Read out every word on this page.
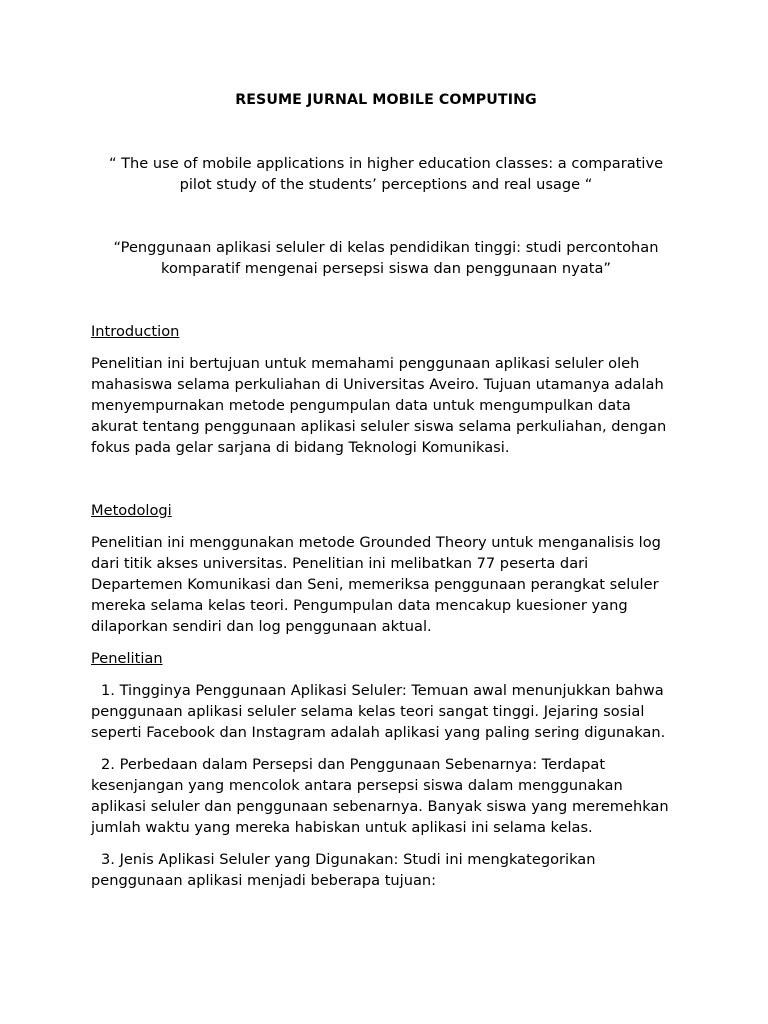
RESUME JURNAL MOBILE COMPUTING
“ The use of mobile applications in higher education classes: a comparative pilot study of the students’ perceptions and real usage “
“Penggunaan aplikasi seluler di kelas pendidikan tinggi: studi percontohan komparatif mengenai persepsi siswa dan penggunaan nyata”
Introduction
Penelitian ini bertujuan untuk memahami penggunaan aplikasi seluler oleh mahasiswa selama perkuliahan di Universitas Aveiro. Tujuan utamanya adalah menyempurnakan metode pengumpulan data untuk mengumpulkan data akurat tentang penggunaan aplikasi seluler siswa selama perkuliahan, dengan fokus pada gelar sarjana di bidang Teknologi Komunikasi.
Metodologi
Penelitian ini menggunakan metode Grounded Theory untuk menganalisis log dari titik akses universitas. Penelitian ini melibatkan 77 peserta dari Departemen Komunikasi dan Seni, memeriksa penggunaan perangkat seluler mereka selama kelas teori. Pengumpulan data mencakup kuesioner yang dilaporkan sendiri dan log penggunaan aktual.
Penelitian
1. Tingginya Penggunaan Aplikasi Seluler: Temuan awal menunjukkan bahwa penggunaan aplikasi seluler selama kelas teori sangat tinggi. Jejaring sosial seperti Facebook dan Instagram adalah aplikasi yang paling sering digunakan.
2. Perbedaan dalam Persepsi dan Penggunaan Sebenarnya: Terdapat kesenjangan yang mencolok antara persepsi siswa dalam menggunakan aplikasi seluler dan penggunaan sebenarnya. Banyak siswa yang meremehkan jumlah waktu yang mereka habiskan untuk aplikasi ini selama kelas.
3. Jenis Aplikasi Seluler yang Digunakan: Studi ini mengkategorikan penggunaan aplikasi menjadi beberapa tujuan:
